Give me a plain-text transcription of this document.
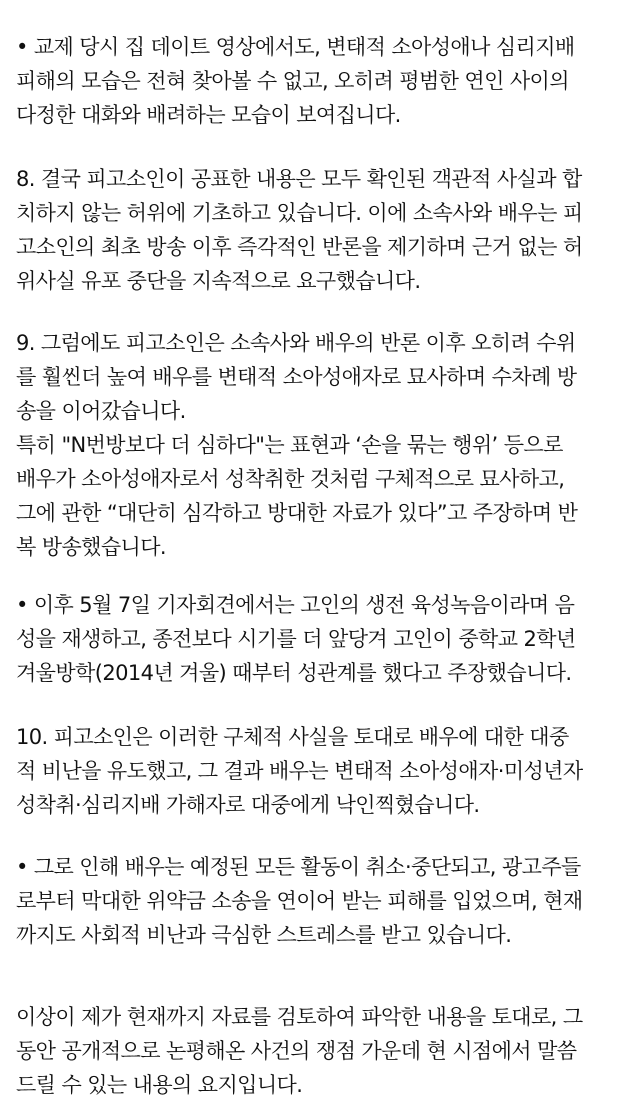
• 교제 당시 집 데이트 영상에서도, 변태적 소아성애나 심리지배
피해의 모습은 전혀 찾아볼 수 없고, 오히려 평범한 연인 사이의
다정한 대화와 배려하는 모습이 보여집니다.
8. 결국 피고소인이 공표한 내용은 모두 확인된 객관적 사실과 합
치하지 않는 허위에 기초하고 있습니다. 이에 소속사와 배우는 피
고소인의 최초 방송 이후 즉각적인 반론을 제기하며 근거 없는 허
위사실 유포 중단을 지속적으로 요구했습니다.
9. 그럼에도 피고소인은 소속사와 배우의 반론 이후 오히려 수위
를 훨씬더 높여 배우를 변태적 소아성애자로 묘사하며 수차례 방
송을 이어갔습니다.
특히 "N번방보다 더 심하다"는 표현과 ‘손을 묶는 행위’ 등으로
배우가 소아성애자로서 성착취한 것처럼 구체적으로 묘사하고,
그에 관한 “대단히 심각하고 방대한 자료가 있다”고 주장하며 반
복 방송했습니다.
• 이후 5월 7일 기자회견에서는 고인의 생전 육성녹음이라며 음
성을 재생하고, 종전보다 시기를 더 앞당겨 고인이 중학교 2학년
겨울방학(2014년 겨울) 때부터 성관계를 했다고 주장했습니다.
10. 피고소인은 이러한 구체적 사실을 토대로 배우에 대한 대중
적 비난을 유도했고, 그 결과 배우는 변태적 소아성애자·미성년자
성착취·심리지배 가해자로 대중에게 낙인찍혔습니다.
• 그로 인해 배우는 예정된 모든 활동이 취소·중단되고, 광고주들
로부터 막대한 위약금 소송을 연이어 받는 피해를 입었으며, 현재
까지도 사회적 비난과 극심한 스트레스를 받고 있습니다.
이상이 제가 현재까지 자료를 검토하여 파악한 내용을 토대로, 그
동안 공개적으로 논평해온 사건의 쟁점 가운데 현 시점에서 말씀
드릴 수 있는 내용의 요지입니다.
